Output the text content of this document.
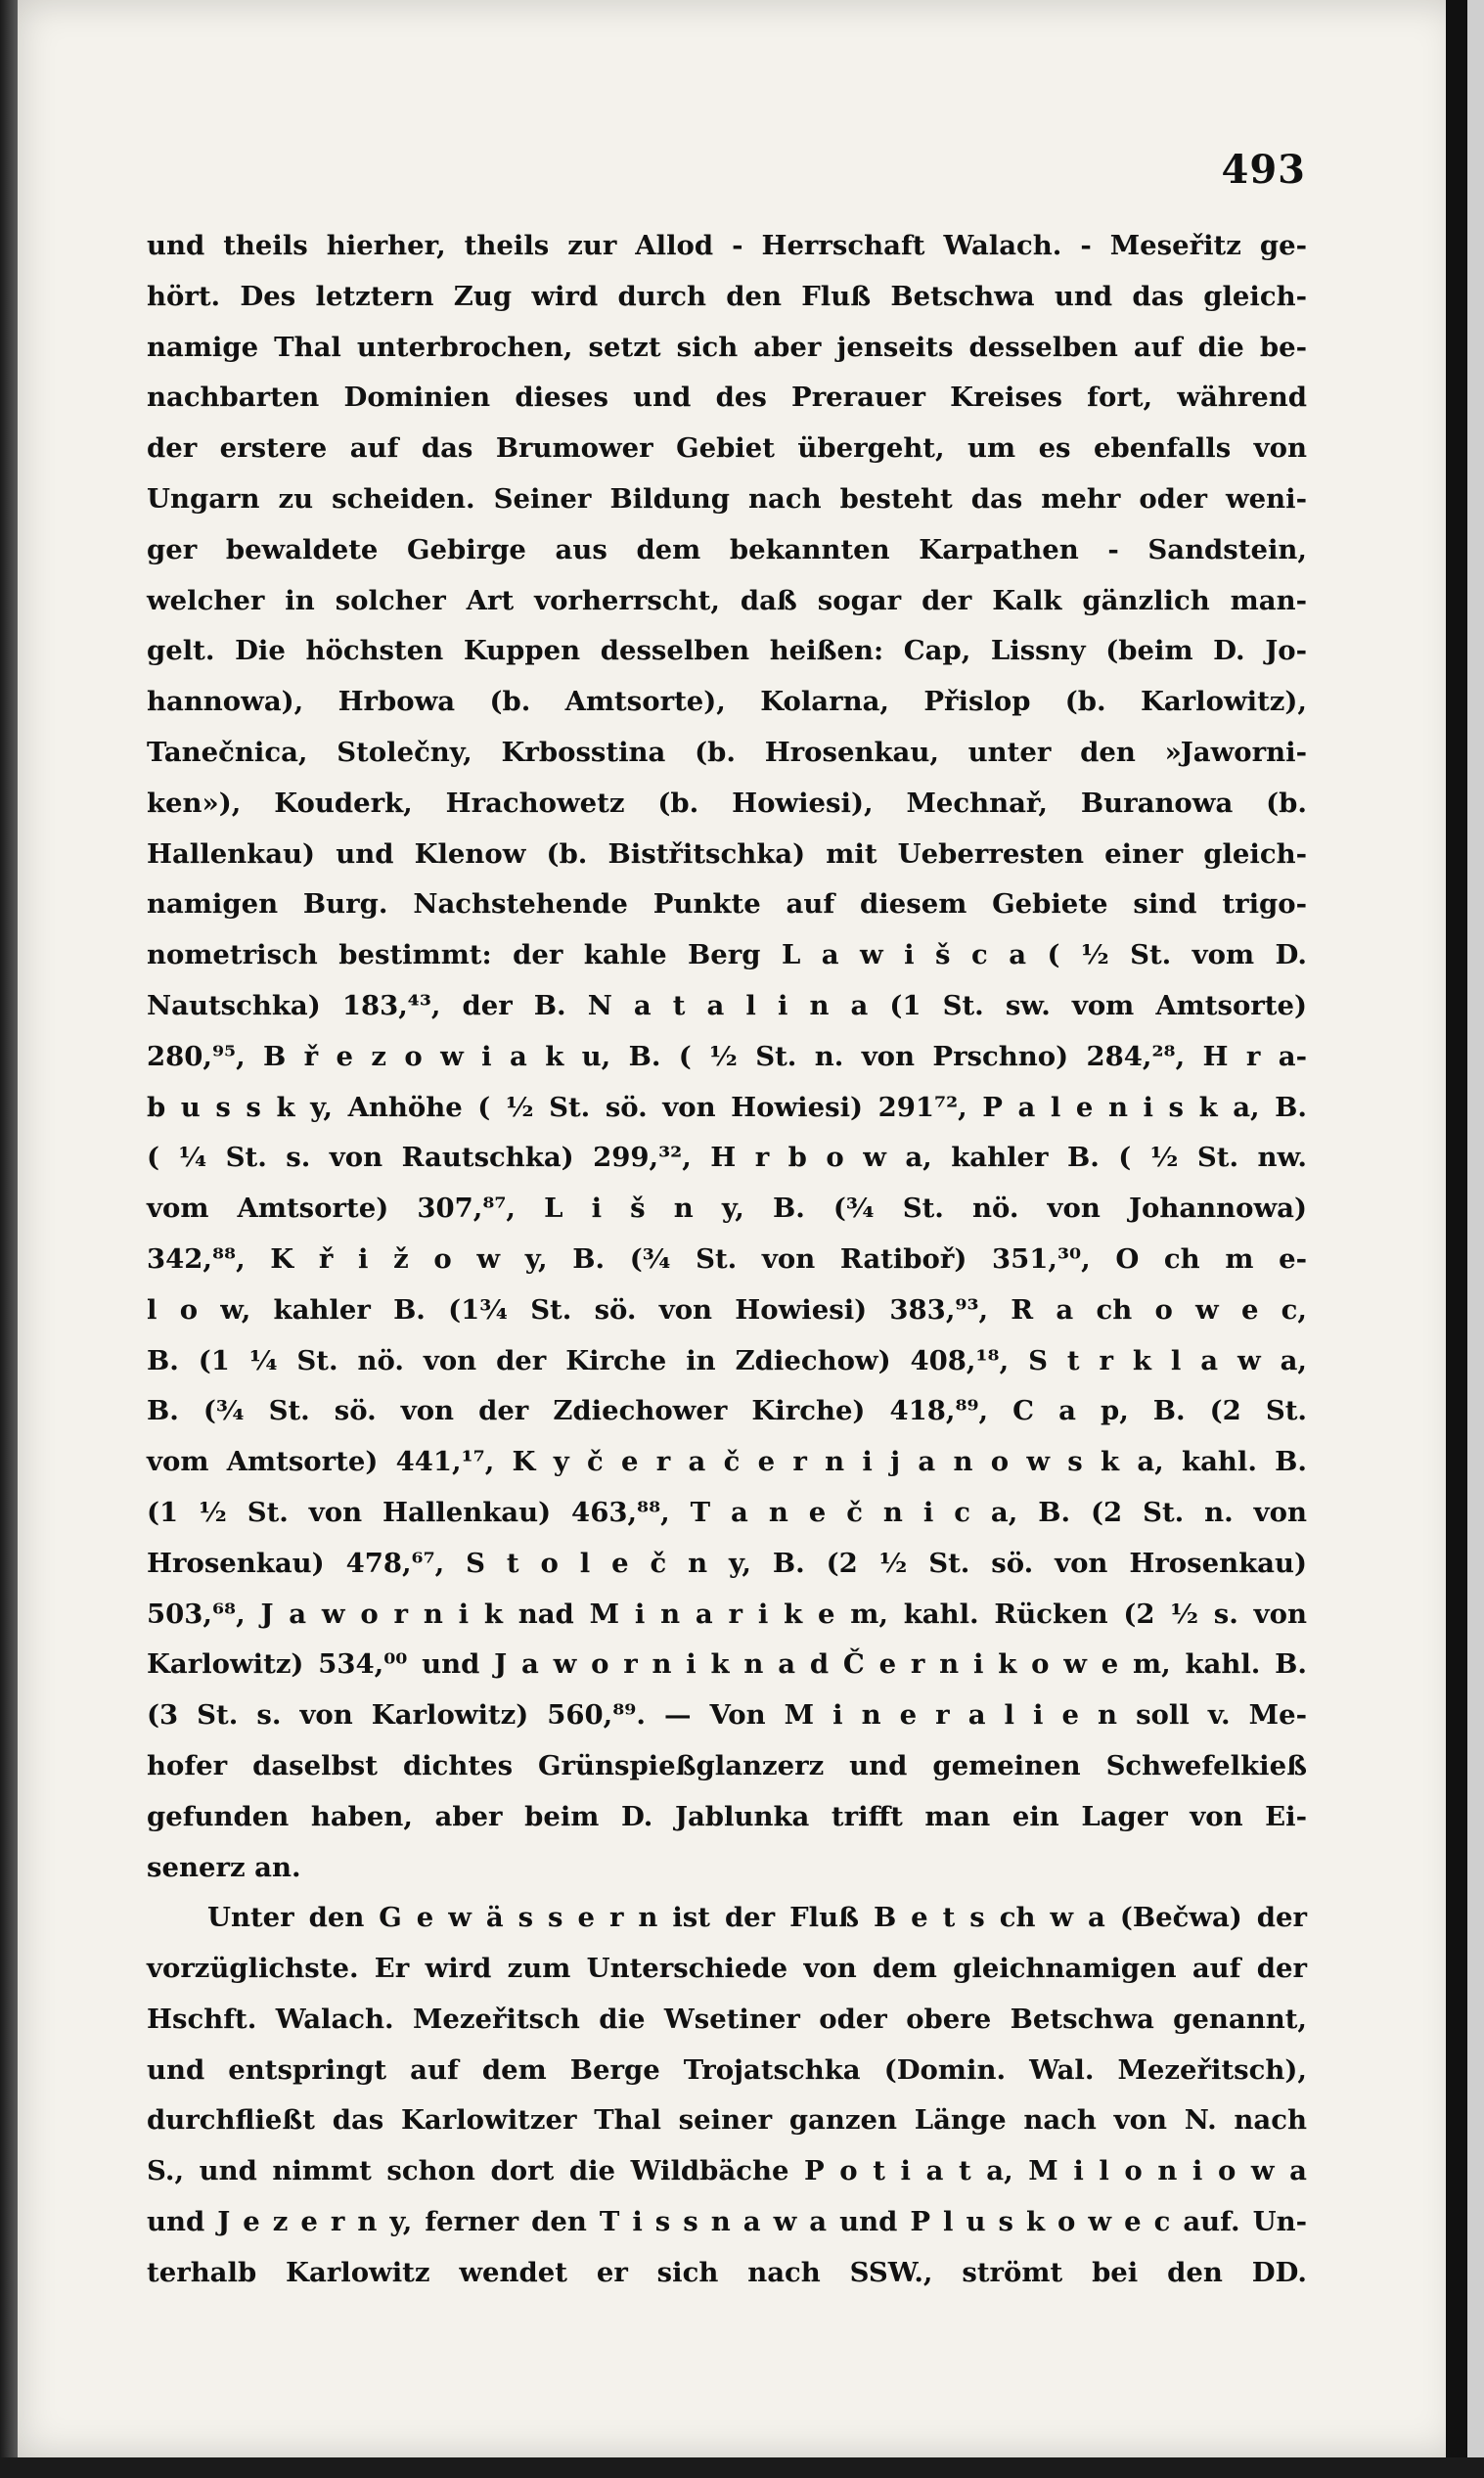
493
und theils hierher, theils zur Allod - Herrschaft Walach. - Meseřitz ge-
hört. Des letztern Zug wird durch den Fluß Betschwa und das gleich-
namige Thal unterbrochen, setzt sich aber jenseits desselben auf die be-
nachbarten Dominien dieses und des Prerauer Kreises fort, während
der erstere auf das Brumower Gebiet übergeht, um es ebenfalls von
Ungarn zu scheiden. Seiner Bildung nach besteht das mehr oder weni-
ger bewaldete Gebirge aus dem bekannten Karpathen - Sandstein,
welcher in solcher Art vorherrscht, daß sogar der Kalk gänzlich man-
gelt. Die höchsten Kuppen desselben heißen: Cap, Lissny (beim D. Jo-
hannowa), Hrbowa (b. Amtsorte), Kolarna, Přislop (b. Karlowitz),
Tanečnica, Stolečny, Krbosstina (b. Hrosenkau, unter den »Jaworni-
ken»), Kouderk, Hrachowetz (b. Howiesi), Mechnař, Buranowa (b.
Hallenkau) und Klenow (b. Bistřitschka) mit Ueberresten einer gleich-
namigen Burg. Nachstehende Punkte auf diesem Gebiete sind trigo-
nometrisch bestimmt: der kahle Berg L a w i š c a ( ½ St. vom D.
Nautschka) 183,⁴³, der B. N a t a l i n a (1 St. sw. vom Amtsorte)
280,⁹⁵, B ř e z o w i a k u, B. ( ½ St. n. von Prschno) 284,²⁸, H r a-
b u s s k y, Anhöhe ( ½ St. sö. von Howiesi) 291⁷², P a l e n i s k a, B.
( ¼ St. s. von Rautschka) 299,³², H r b o w a, kahler B. ( ½ St. nw.
vom Amtsorte) 307,⁸⁷, L i š n y, B. (¾ St. nö. von Johannowa)
342,⁸⁸, K ř i ž o w y, B. (¾ St. von Ratiboř) 351,³⁰, O ch m e-
l o w, kahler B. (1¾ St. sö. von Howiesi) 383,⁹³, R a ch o w e c,
B. (1 ¼ St. nö. von der Kirche in Zdiechow) 408,¹⁸, S t r k l a w a,
B. (¾ St. sö. von der Zdiechower Kirche) 418,⁸⁹, C a p, B. (2 St.
vom Amtsorte) 441,¹⁷, K y č e r a č e r n i j a n o w s k a, kahl. B.
(1 ½ St. von Hallenkau) 463,⁸⁸, T a n e č n i c a, B. (2 St. n. von
Hrosenkau) 478,⁶⁷, S t o l e č n y, B. (2 ½ St. sö. von Hrosenkau)
503,⁶⁸, J a w o r n i k nad M i n a r i k e m, kahl. Rücken (2 ½ s. von
Karlowitz) 534,⁰⁰ und J a w o r n i k n a d Č e r n i k o w e m, kahl. B.
(3 St. s. von Karlowitz) 560,⁸⁹. — Von M i n e r a l i e n soll v. Me-
hofer daselbst dichtes Grünspießglanzerz und gemeinen Schwefelkieß
gefunden haben, aber beim D. Jablunka trifft man ein Lager von Ei-
senerz an.
Unter den G e w ä s s e r n ist der Fluß B e t s ch w a (Bečwa) der
vorzüglichste. Er wird zum Unterschiede von dem gleichnamigen auf der
Hschft. Walach. Mezeřitsch die Wsetiner oder obere Betschwa genannt,
und entspringt auf dem Berge Trojatschka (Domin. Wal. Mezeřitsch),
durchfließt das Karlowitzer Thal seiner ganzen Länge nach von N. nach
S., und nimmt schon dort die Wildbäche P o t i a t a, M i l o n i o w a
und J e z e r n y, ferner den T i s s n a w a und P l u s k o w e c auf. Un-
terhalb Karlowitz wendet er sich nach SSW., strömt bei den DD.
